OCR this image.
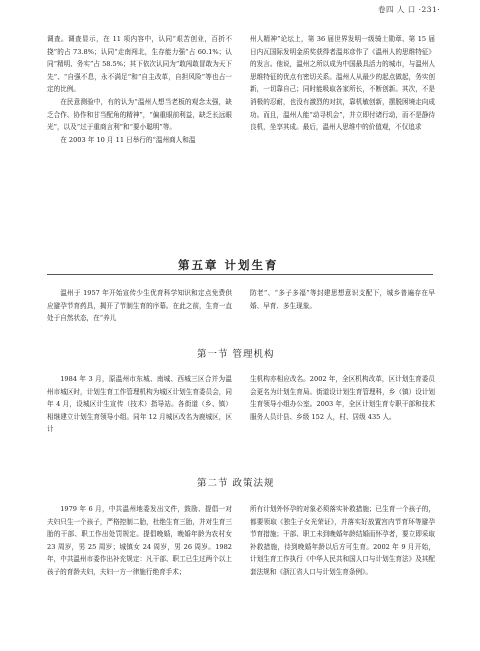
卷四 人 口 ·231·

调查。调查显示，在 11 项内容中，认同“艰苦创业，百折不挠”的占 73.8%；认同“走南闯北，生存能力强”占 60.1%；认同“精明、务实”占 58.5%；其下依次认同为“敢闯敢冒敢为天下先”、“自强不息，永不满足”和“自主改革，自担风险”等也占一定的比例。

在民意测验中，有的认为“温州人想当老板的观念太强，缺乏合作、协作和甘当配角的精神”，“偏重眼前利益，缺乏长远眼光”，以及“过于重商言利”和“要小聪明”等。

在 2003 年 10 月 11 日举行的“温州商人和温

州人精神”论坛上，第 36 届世界发明一级骑士勋章、第 15 届日内瓦国际发明金质奖获得者温邦彦作了《温州人的思维特征》的发言。他说，温州之所以成为中国最具活力的城市，与温州人思维特征的优点有密切关系。温州人从最少的起点做起，务实创新，一切靠自己；同时能吸取各家所长，不断创新。其次，不是消极的忍耐，也没有激烈的对抗，靠机敏创新，摆脱困境走向成功。而且，温州人能“动寻机会”，并立即付诸行动，而不是静待良机，坐享其成。最后，温州人思维中的价值观，不仅追求

第五章 计划生育

温州于 1957 年开始宣传少生优育科学知识和定点免费供应避孕节育药具，揭开了节制生育的序幕。在此之前，生育一直处于自然状态，在“养儿

防老”、“多子多福”等封建思想意识支配下，城乡普遍存在早婚、早育、多生现象。

第一节 管理机构

1984 年 3 月，原温州市东城、南城、西城三区合并为温州市城区时，计划生育工作管理机构为城区计划生育委员会，同年 4 月，设城区计生宣传（技术）指导站。各街道（乡、镇）相继建立计划生育领导小组。同年 12 月城区改名为鹿城区，区计

生机构亦相应改名。2002 年，全区机构改革，区计划生育委员会更名为计划生育局。街道设计划生育管理科，乡（镇）设计划生育领导小组办公室。2003 年，全区计划生育专职干部和技术服务人员计县、乡级 152 人，村、居级 435 人。

第二节 政策法规

1979 年 6 月，中共温州地委发出文件，鼓励、提倡一对夫妇只生一个孩子，严格控制二胎，杜绝生育三胎，并对生育三胎的干部、职工作出处罚规定。提倡晚婚，晚婚年龄为农村女 23 周岁，男 25 周岁；城镇女 24 周岁，男 26 周岁。1982 年，中共温州市委作出补充规定：凡干部、职工已生过两个以上孩子的育龄夫妇，夫妇一方一律施行绝育手术；

所有计划外怀孕的对象必须落实补救措施；已生育一个孩子的，都要领取《独生子女光荣证》，并落实好放置宫内节育环等避孕节育措施；干部、职工未到晚婚年龄结婚而怀孕者，要立即采取补救措施，待到晚婚年龄以后方可生育。2002 年 9 月开始，计划生育工作执行《中华人民共和国人口与计划生育法》及其配套法规和《浙江省人口与计划生育条例》。
